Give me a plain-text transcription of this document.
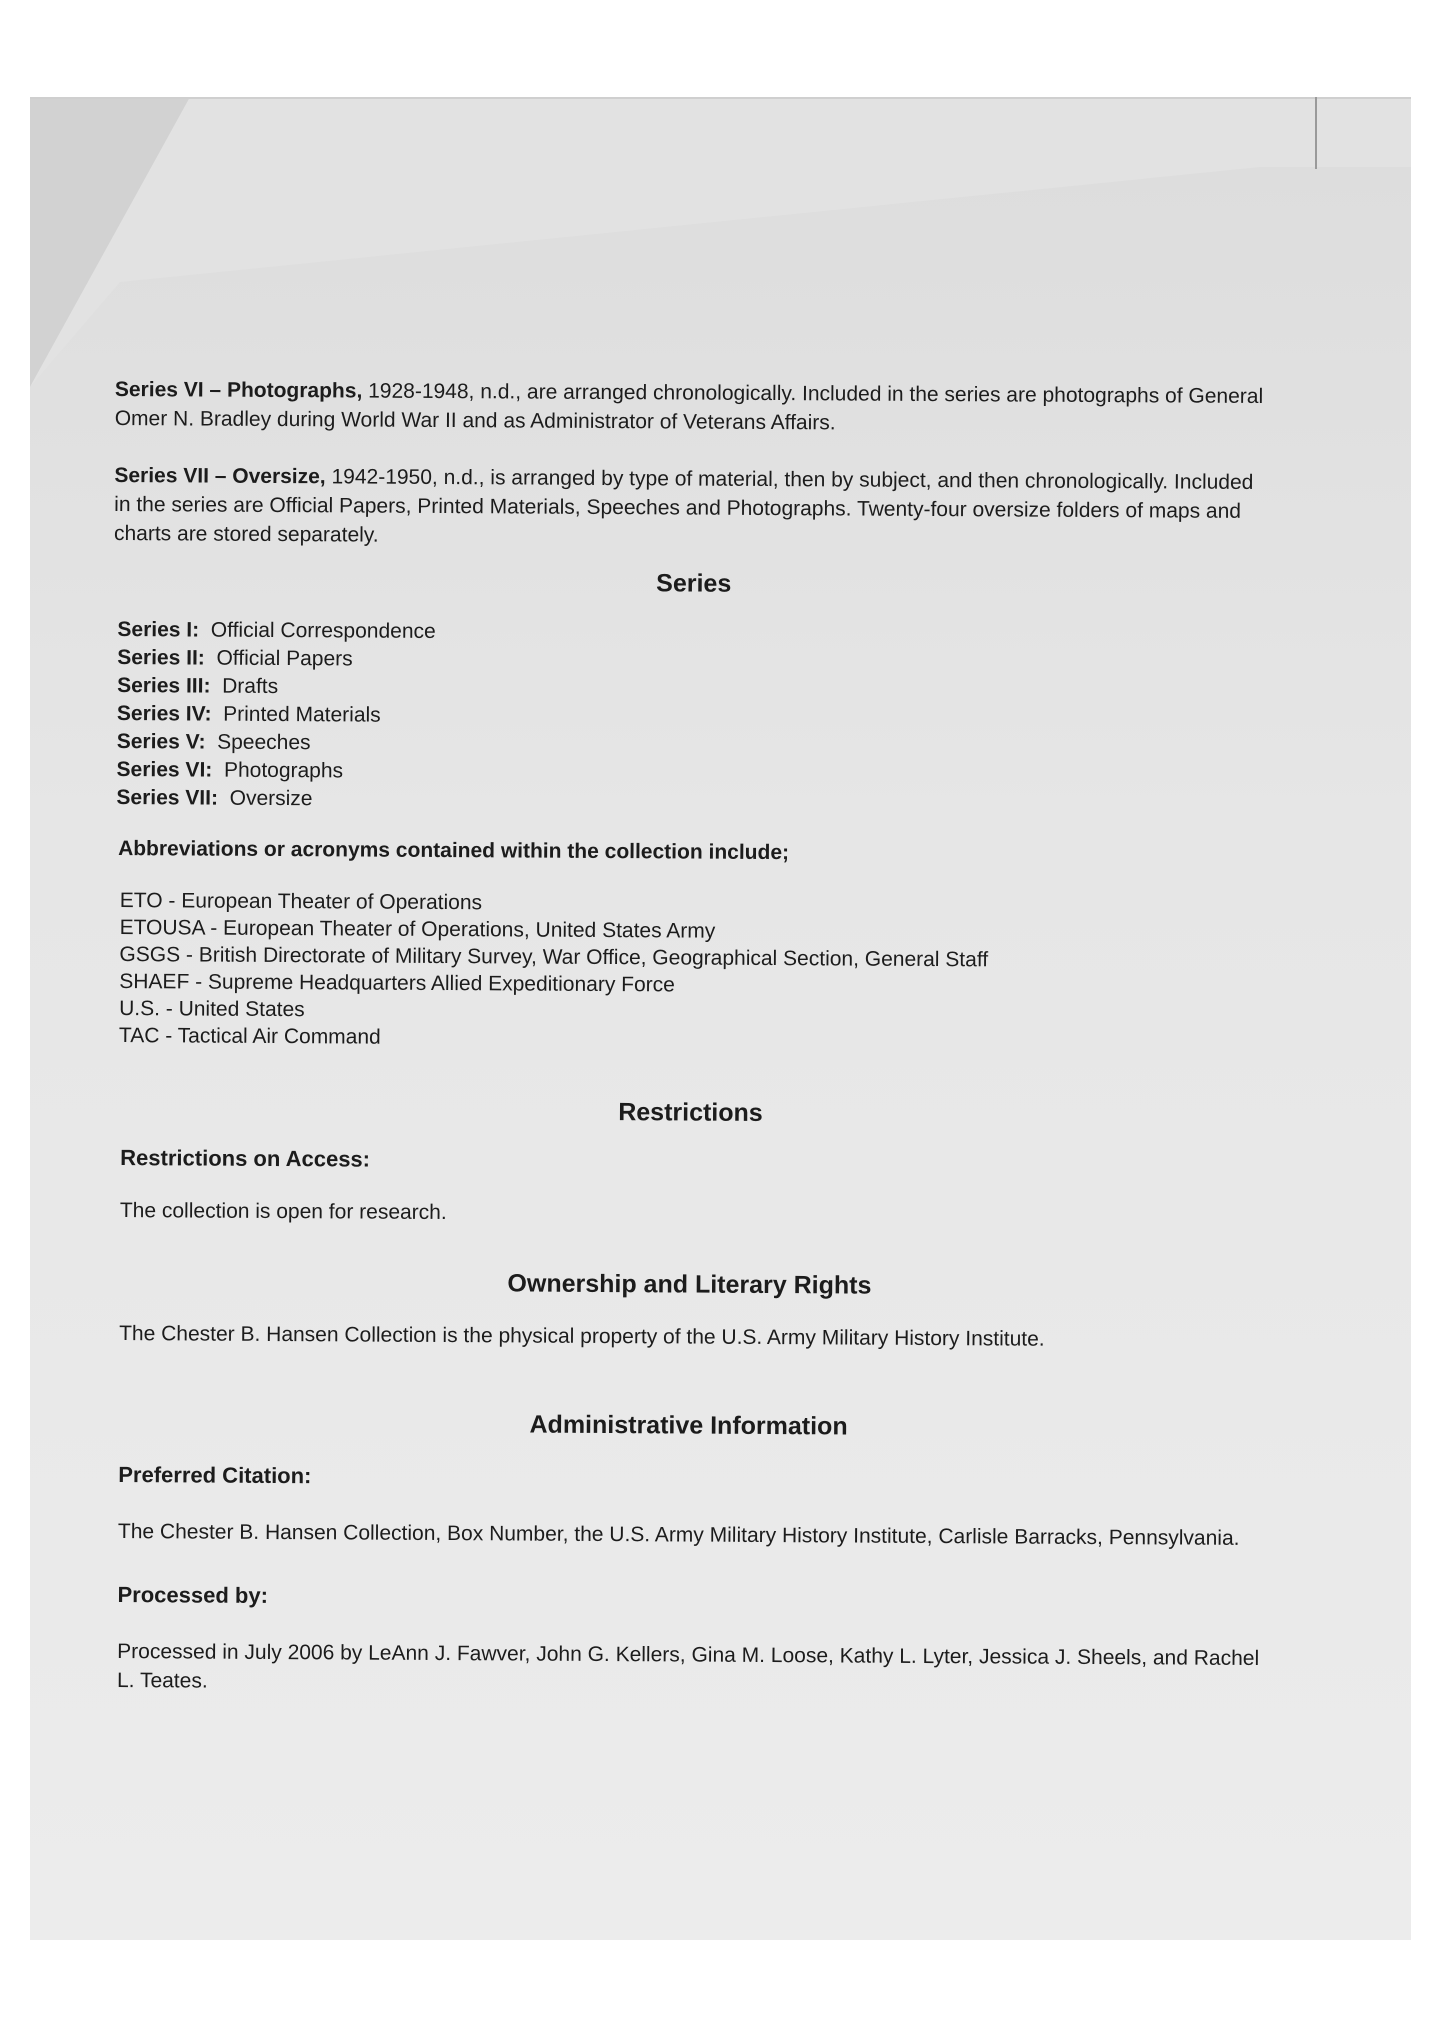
Series VI – Photographs, 1928-1948, n.d., are arranged chronologically. Included in the series are photographs of General Omer N. Bradley during World War II and as Administrator of Veterans Affairs.

Series VII – Oversize, 1942-1950, n.d., is arranged by type of material, then by subject, and then chronologically. Included in the series are Official Papers, Printed Materials, Speeches and Photographs. Twenty-four oversize folders of maps and charts are stored separately.

Series
Series I: Official Correspondence
Series II: Official Papers
Series III: Drafts
Series IV: Printed Materials
Series V: Speeches
Series VI: Photographs
Series VII: Oversize
Abbreviations or acronyms contained within the collection include;
ETO - European Theater of Operations
ETOUSA - European Theater of Operations, United States Army
GSGS - British Directorate of Military Survey, War Office, Geographical Section, General Staff
SHAEF - Supreme Headquarters Allied Expeditionary Force
U.S. - United States
TAC - Tactical Air Command
Restrictions
Restrictions on Access:

The collection is open for research.

Ownership and Literary Rights

The Chester B. Hansen Collection is the physical property of the U.S. Army Military History Institute.

Administrative Information
Preferred Citation:

The Chester B. Hansen Collection, Box Number, the U.S. Army Military History Institute, Carlisle Barracks, Pennsylvania.

Processed by:

Processed in July 2006 by LeAnn J. Fawver, John G. Kellers, Gina M. Loose, Kathy L. Lyter, Jessica J. Sheels, and Rachel L. Teates.
